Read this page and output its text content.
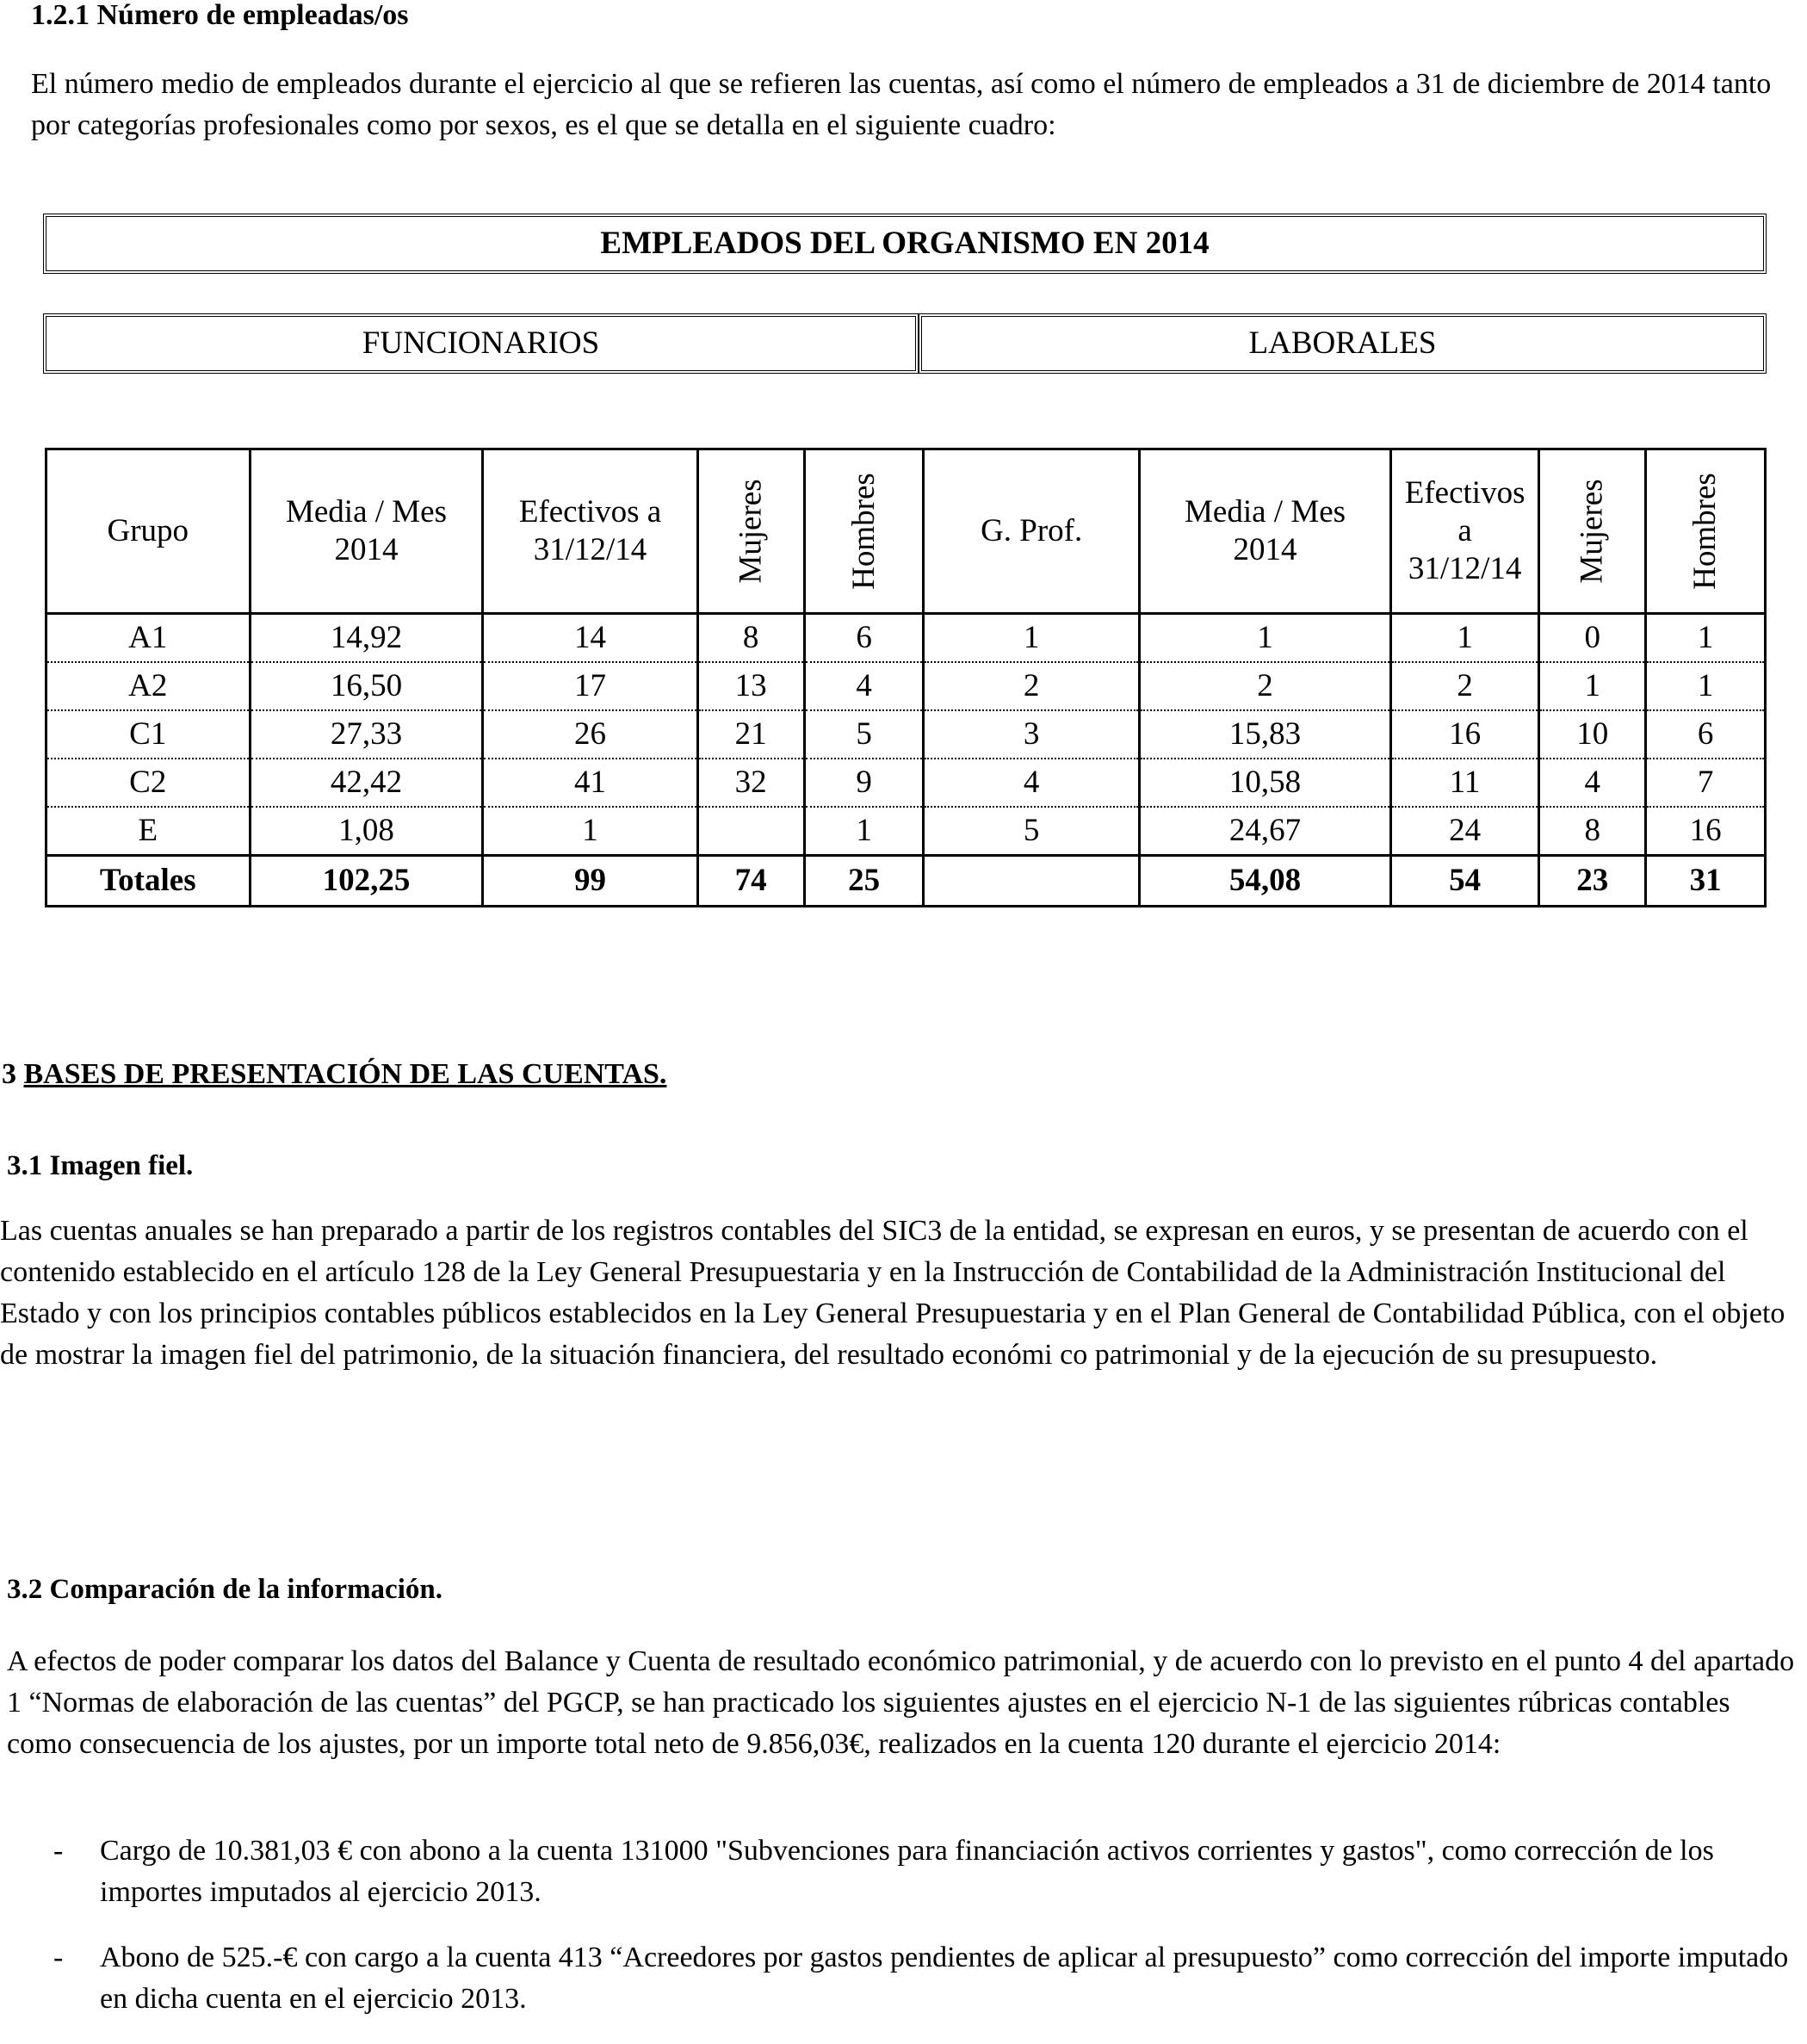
1.2.1 Número de empleadas/os

El número medio de empleados durante el ejercicio al que se refieren las cuentas, así como el número de empleados a 31 de diciembre de 2014 tanto por categorías profesionales como por sexos, es el que se detalla en el siguiente cuadro:

EMPLEADOS DEL ORGANISMO EN 2014
FUNCIONARIOS	LABORALES
Grupo	Media / Mes 2014	Efectivos a 31/12/14	Mujeres	Hombres	G. Prof.	Media / Mes 2014	Efectivos a 31/12/14	Mujeres	Hombres
A1	14,92	14	8	6	1	1	1	0	1
A2	16,50	17	13	4	2	2	2	1	1
C1	27,33	26	21	5	3	15,83	16	10	6
C2	42,42	41	32	9	4	10,58	11	4	7
E	1,08	1		1	5	24,67	24	8	16
Totales	102,25	99	74	25		54,08	54	23	31
3 BASES DE PRESENTACIÓN DE LAS CUENTAS.
3.1 Imagen fiel.

Las cuentas anuales se han preparado a partir de los registros contables del SIC3 de la entidad, se expresan en euros, y se presentan de acuerdo con el contenido establecido en el artículo 128 de la Ley General Presupuestaria y en la Instrucción de Contabilidad de la Administración Institucional del Estado y con los principios contables públicos establecidos en la Ley General Presupuestaria y en el Plan General de Contabilidad Pública, con el objeto de mostrar la imagen fiel del patrimonio, de la situación financiera, del resultado económi co patrimonial y de la ejecución de su presupuesto.

3.2 Comparación de la información.

A efectos de poder comparar los datos del Balance y Cuenta de resultado económico patrimonial, y de acuerdo con lo previsto en el punto 4 del apartado 1 “Normas de elaboración de las cuentas” del PGCP, se han practicado los siguientes ajustes en el ejercicio N-1 de las siguientes rúbricas contables como consecuencia de los ajustes, por un importe total neto de 9.856,03€, realizados en la cuenta 120 durante el ejercicio 2014:

- Cargo de 10.381,03 € con abono a la cuenta 131000 "Subvenciones para financiación activos corrientes y gastos", como corrección de los importes imputados al ejercicio 2013.
- Abono de 525.-€ con cargo a la cuenta 413 “Acreedores por gastos pendientes de aplicar al presupuesto” como corrección del importe imputado en dicha cuenta en el ejercicio 2013.
